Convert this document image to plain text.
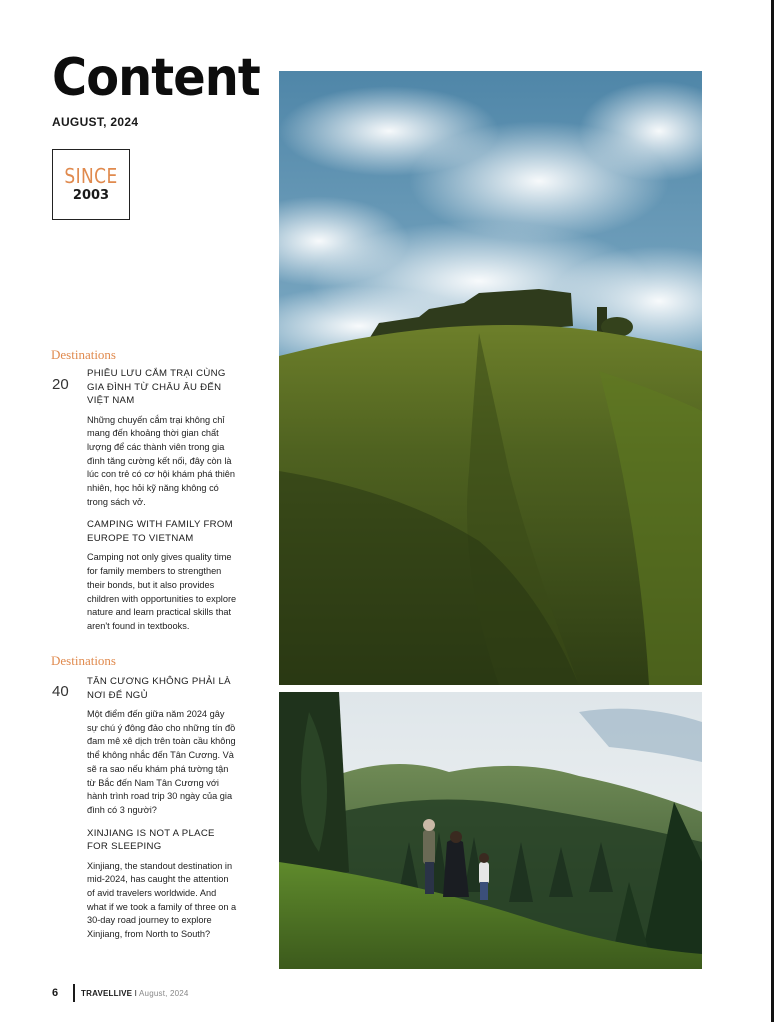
Content
AUGUST, 2024
SINCE
2003
Destinations
20
PHIÊU LƯU CẮM TRẠI CÙNG GIA ĐÌNH TỪ CHÂU ÂU ĐẾN VIỆT NAM
Những chuyến cắm trại không chỉ mang đến khoảng thời gian chất lượng để các thành viên trong gia đình tăng cường kết nối, đây còn là lúc con trẻ có cơ hội khám phá thiên nhiên, học hỏi kỹ năng không có trong sách vở.
CAMPING WITH FAMILY FROM EUROPE TO VIETNAM
Camping not only gives quality time for family members to strengthen their bonds, but it also provides children with opportunities to explore nature and learn practical skills that aren't found in textbooks.
Destinations
40
TÂN CƯƠNG KHÔNG PHẢI LÀ NƠI ĐỂ NGỦ
Một điểm đến giữa năm 2024 gây sự chú ý đông đảo cho những tín đồ đam mê xê dịch trên toàn cầu không thể không nhắc đến Tân Cương. Và sẽ ra sao nếu khám phá tường tận từ Bắc đến Nam Tân Cương với hành trình road trip 30 ngày của gia đình có 3 người?
XINJIANG IS NOT A PLACE FOR SLEEPING
Xinjiang, the standout destination in mid-2024, has caught the attention of avid travelers worldwide. And what if we took a family of three on a 30-day road journey to explore Xinjiang, from North to South?
6	TRAVELLIVE I August, 2024
